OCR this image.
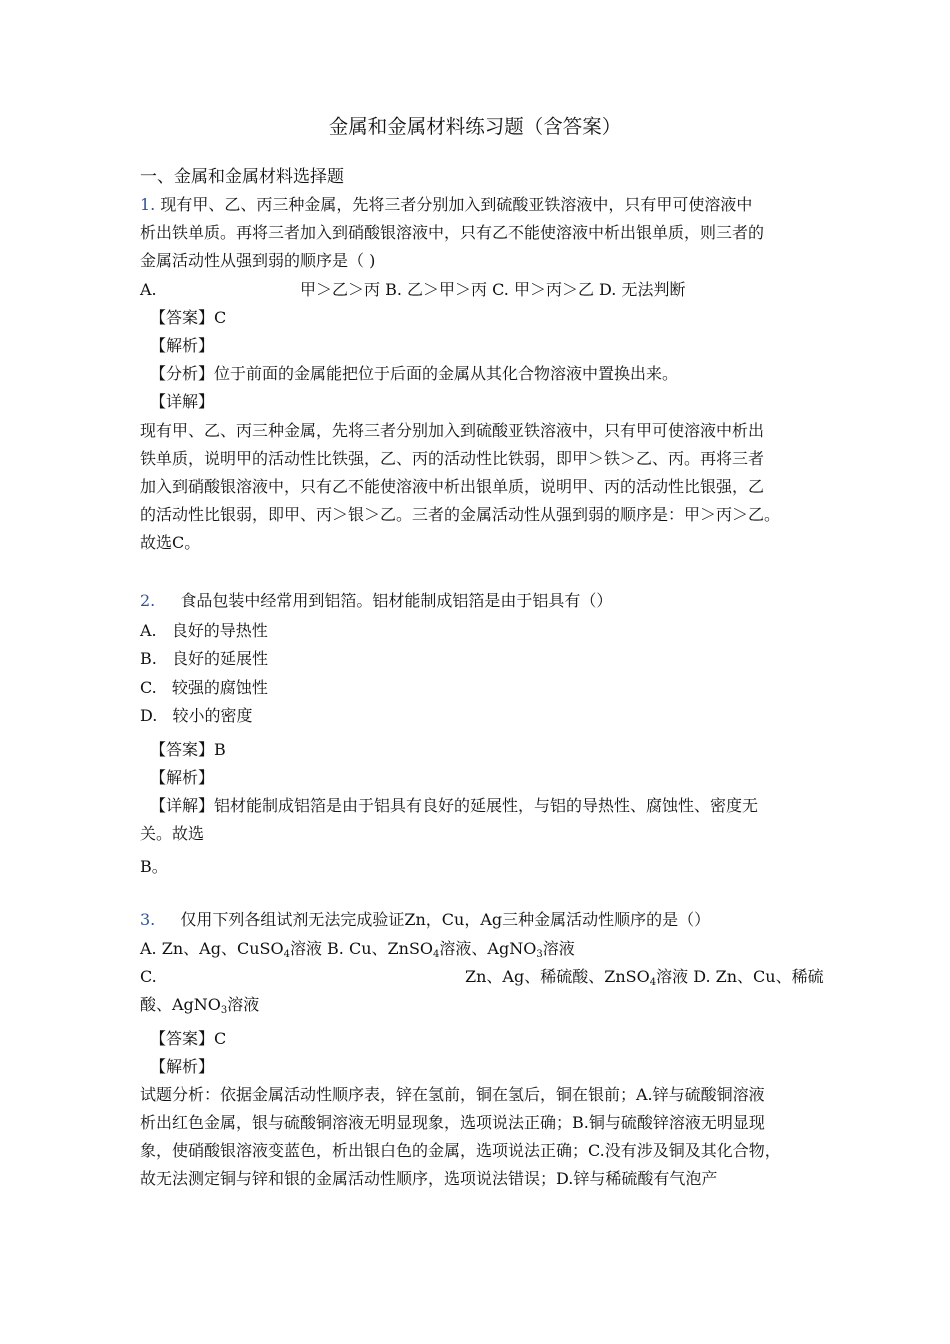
金属和金属材料练习题（含答案）
一、金属和金属材料选择题
1. 现有甲、乙、丙三种金属，先将三者分别加入到硫酸亚铁溶液中，只有甲可使溶液中
析出铁单质。再将三者加入到硝酸银溶液中，只有乙不能使溶液中析出银单质，则三者的
金属活动性从强到弱的顺序是（ )
A.	甲＞乙＞丙 B. 乙＞甲＞丙 C. 甲＞丙＞乙 D. 无法判断
【答案】C
【解析】
【分析】位于前面的金属能把位于后面的金属从其化合物溶液中置换出来。
【详解】
现有甲、乙、丙三种金属，先将三者分别加入到硫酸亚铁溶液中，只有甲可使溶液中析出
铁单质，说明甲的活动性比铁强，乙、丙的活动性比铁弱，即甲＞铁＞乙、丙。再将三者
加入到硝酸银溶液中，只有乙不能使溶液中析出银单质，说明甲、丙的活动性比银强，乙
的活动性比银弱，即甲、丙＞银＞乙。三者的金属活动性从强到弱的顺序是：甲＞丙＞乙。
故选C。
2. 食品包装中经常用到铝箔。铝材能制成铝箔是由于铝具有（）
A. 良好的导热性
B. 良好的延展性
C. 较强的腐蚀性
D. 较小的密度
【答案】B
【解析】
【详解】铝材能制成铝箔是由于铝具有良好的延展性，与铝的导热性、腐蚀性、密度无
关。故选
B。
3. 仅用下列各组试剂无法完成验证Zn，Cu，Ag三种金属活动性顺序的是（）
A. Zn、Ag、CuSO4溶液 B. Cu、ZnSO4溶液、AgNO3溶液
C.	Zn、Ag、稀硫酸、ZnSO4溶液 D. Zn、Cu、稀硫
酸、AgNO3溶液
【答案】C
【解析】
试题分析：依据金属活动性顺序表，锌在氢前，铜在氢后，铜在银前；A.锌与硫酸铜溶液
析出红色金属，银与硫酸铜溶液无明显现象，选项说法正确；B.铜与硫酸锌溶液无明显现
象，使硝酸银溶液变蓝色，析出银白色的金属，选项说法正确；C.没有涉及铜及其化合物，
故无法测定铜与锌和银的金属活动性顺序，选项说法错误；D.锌与稀硫酸有气泡产
